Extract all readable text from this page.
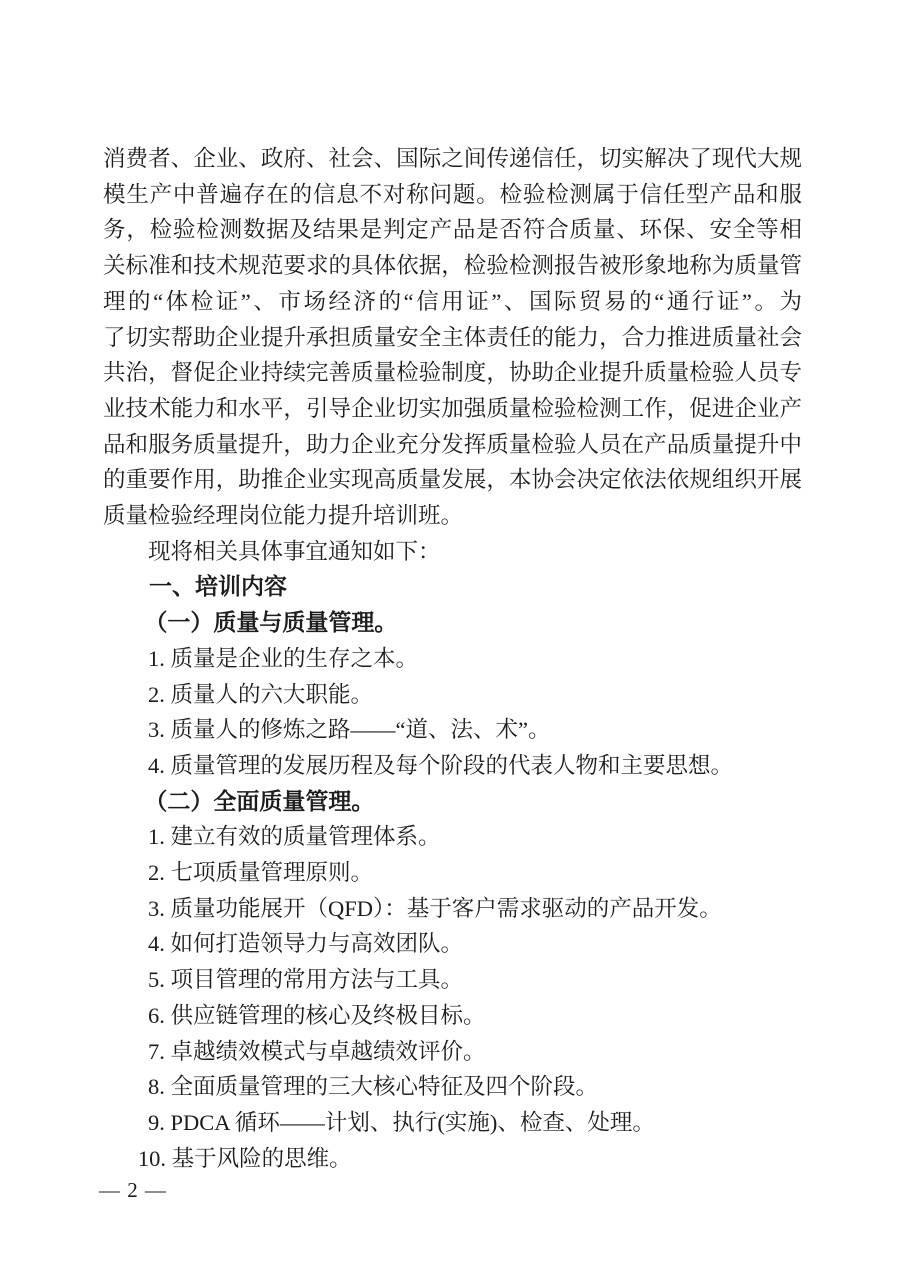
消费者、企业、政府、社会、国际之间传递信任，切实解决了现代大规
模生产中普遍存在的信息不对称问题。检验检测属于信任型产品和服
务，检验检测数据及结果是判定产品是否符合质量、环保、安全等相
关标准和技术规范要求的具体依据，检验检测报告被形象地称为质量管
理的“体检证”、市场经济的“信用证”、国际贸易的“通行证”。为
了切实帮助企业提升承担质量安全主体责任的能力，合力推进质量社会
共治，督促企业持续完善质量检验制度，协助企业提升质量检验人员专
业技术能力和水平，引导企业切实加强质量检验检测工作，促进企业产
品和服务质量提升，助力企业充分发挥质量检验人员在产品质量提升中
的重要作用，助推企业实现高质量发展，本协会决定依法依规组织开展
质量检验经理岗位能力提升培训班。
现将相关具体事宜通知如下：
一、培训内容
（一）质量与质量管理。
1. 质量是企业的生存之本。
2. 质量人的六大职能。
3. 质量人的修炼之路——“道、法、术”。
4. 质量管理的发展历程及每个阶段的代表人物和主要思想。
（二）全面质量管理。
1. 建立有效的质量管理体系。
2. 七项质量管理原则。
3. 质量功能展开（QFD）：基于客户需求驱动的产品开发。
4. 如何打造领导力与高效团队。
5. 项目管理的常用方法与工具。
6. 供应链管理的核心及终极目标。
7. 卓越绩效模式与卓越绩效评价。
8. 全面质量管理的三大核心特征及四个阶段。
9. PDCA 循环——计划、执行(实施)、检查、处理。
10. 基于风险的思维。
— 2 —
